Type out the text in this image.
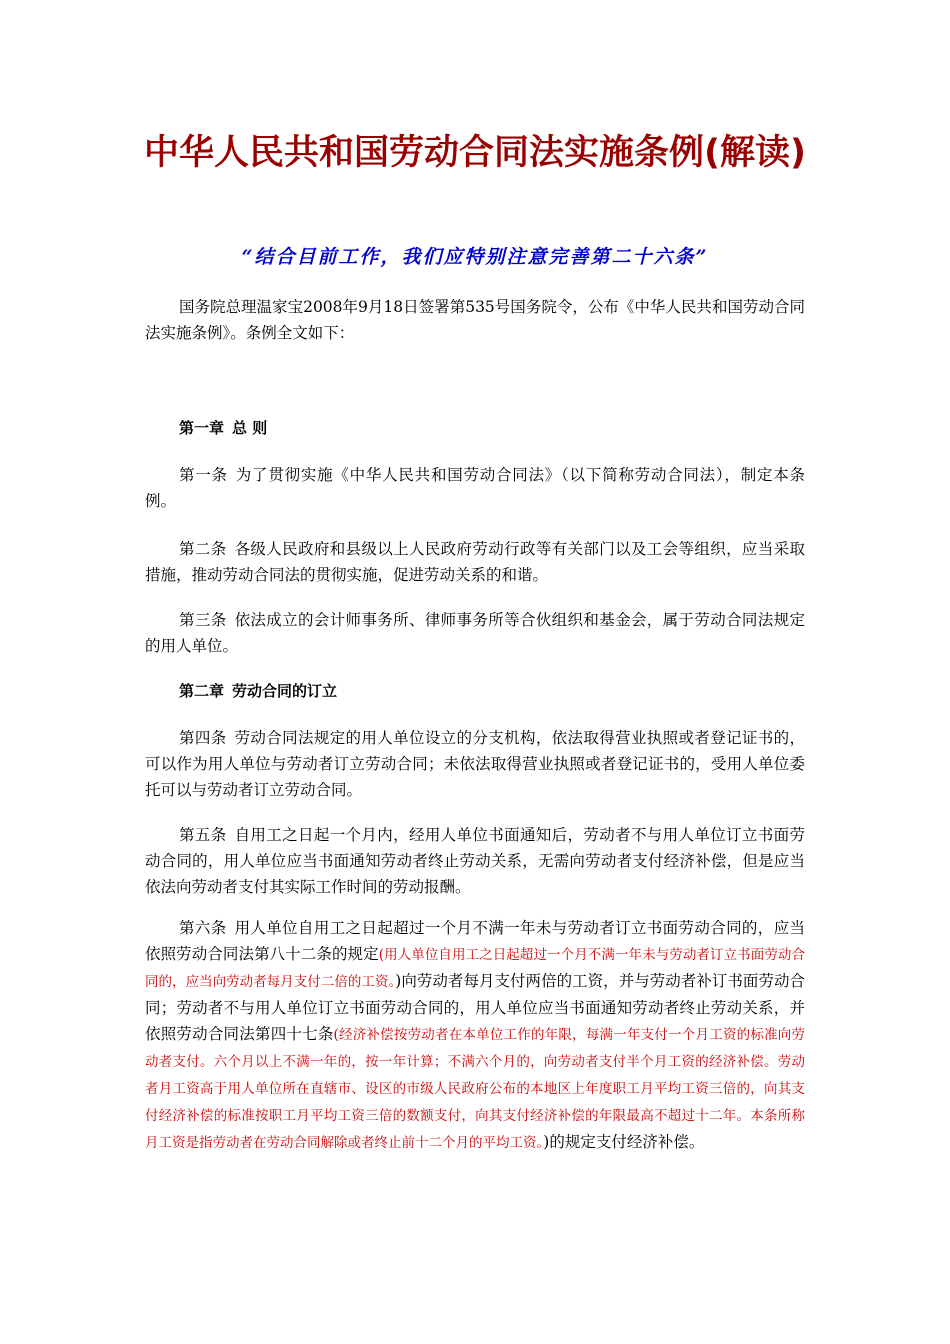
中华人民共和国劳动合同法实施条例(解读)

“结合目前工作，我们应特别注意完善第二十六条”

国务院总理温家宝2008年9月18日签署第535号国务院令，公布《中华人民共和国劳动合同法实施条例》。条例全文如下：

第一章 总 则

第一条 为了贯彻实施《中华人民共和国劳动合同法》（以下简称劳动合同法），制定本条例。

第二条 各级人民政府和县级以上人民政府劳动行政等有关部门以及工会等组织，应当采取措施，推动劳动合同法的贯彻实施，促进劳动关系的和谐。

第三条 依法成立的会计师事务所、律师事务所等合伙组织和基金会，属于劳动合同法规定的用人单位。

第二章 劳动合同的订立

第四条 劳动合同法规定的用人单位设立的分支机构，依法取得营业执照或者登记证书的，可以作为用人单位与劳动者订立劳动合同；未依法取得营业执照或者登记证书的，受用人单位委托可以与劳动者订立劳动合同。

第五条 自用工之日起一个月内，经用人单位书面通知后，劳动者不与用人单位订立书面劳动合同的，用人单位应当书面通知劳动者终止劳动关系，无需向劳动者支付经济补偿，但是应当依法向劳动者支付其实际工作时间的劳动报酬。

第六条 用人单位自用工之日起超过一个月不满一年未与劳动者订立书面劳动合同的，应当依照劳动合同法第八十二条的规定(用人单位自用工之日起超过一个月不满一年未与劳动者订立书面劳动合同的，应当向劳动者每月支付二倍的工资。)向劳动者每月支付两倍的工资，并与劳动者补订书面劳动合同；劳动者不与用人单位订立书面劳动合同的，用人单位应当书面通知劳动者终止劳动关系，并依照劳动合同法第四十七条(经济补偿按劳动者在本单位工作的年限，每满一年支付一个月工资的标准向劳动者支付。六个月以上不满一年的，按一年计算；不满六个月的，向劳动者支付半个月工资的经济补偿。劳动者月工资高于用人单位所在直辖市、设区的市级人民政府公布的本地区上年度职工月平均工资三倍的，向其支付经济补偿的标准按职工月平均工资三倍的数额支付，向其支付经济补偿的年限最高不超过十二年。本条所称月工资是指劳动者在劳动合同解除或者终止前十二个月的平均工资。)的规定支付经济补偿。
